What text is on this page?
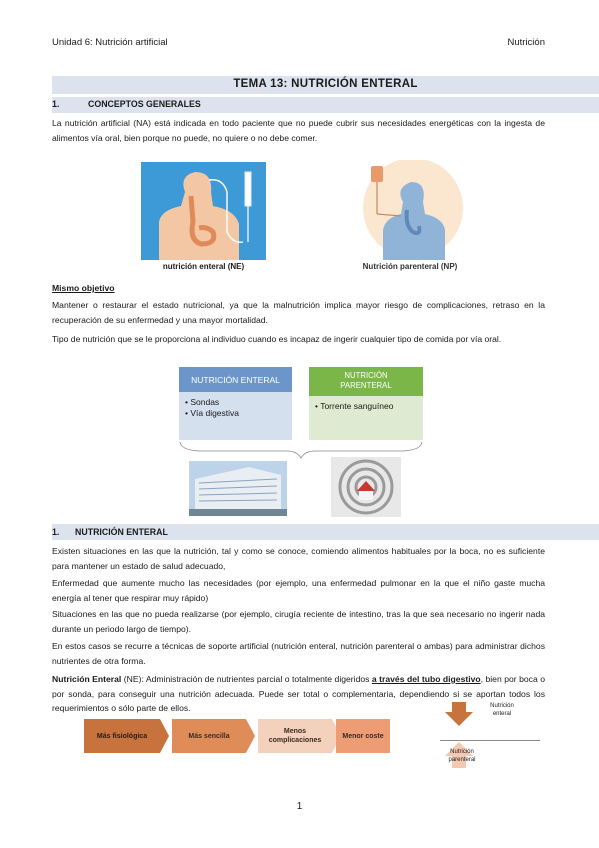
Unidad 6: Nutrición artificial	Nutrición
TEMA 13: NUTRICIÓN ENTERAL
1.	CONCEPTOS GENERALES
La nutrición artificial (NA) está indicada en todo paciente que no puede cubrir sus necesidades energéticas con la ingesta de alimentos vía oral, bien porque no puede, no quiere o no debe comer.
nutrición enteral (NE)	Nutrición parenteral (NP)
Mismo objetivo
Mantener o restaurar el estado nutricional, ya que la malnutrición implica mayor riesgo de complicaciones, retraso en la recuperación de su enfermedad y una mayor mortalidad.
Tipo de nutrición que se le proporciona al individuo cuando es incapaz de ingerir cualquier tipo de comida por vía oral.
NUTRICIÓN ENTERAL
• Sondas
• Vía digestiva
NUTRICIÓN
PARENTERAL
• Torrente sanguíneo
1. NUTRICIÓN ENTERAL
Existen situaciones en las que la nutrición, tal y como se conoce, comiendo alimentos habituales por la boca, no es suficiente para mantener un estado de salud adecuado,
Enfermedad que aumente mucho las necesidades (por ejemplo, una enfermedad pulmonar en la que el niño gaste mucha energía al tener que respirar muy rápido)
Situaciones en las que no pueda realizarse (por ejemplo, cirugía reciente de intestino, tras la que sea necesario no ingerir nada durante un periodo largo de tiempo).
En estos casos se recurre a técnicas de soporte artificial (nutrición enteral, nutrición parenteral o ambas) para administrar dichos nutrientes de otra forma.
Nutrición Enteral (NE): Administración de nutrientes parcial o totalmente digeridos a través del tubo digestivo, bien por boca o por sonda, para conseguir una nutrición adecuada. Puede ser total o complementaria, dependiendo si se aportan todos los requerimientos o sólo parte de ellos.
Más fisiológica	Más sencilla
Menos complicaciones
Menor coste
Nutrición enteral
Nutrición parenteral
1
